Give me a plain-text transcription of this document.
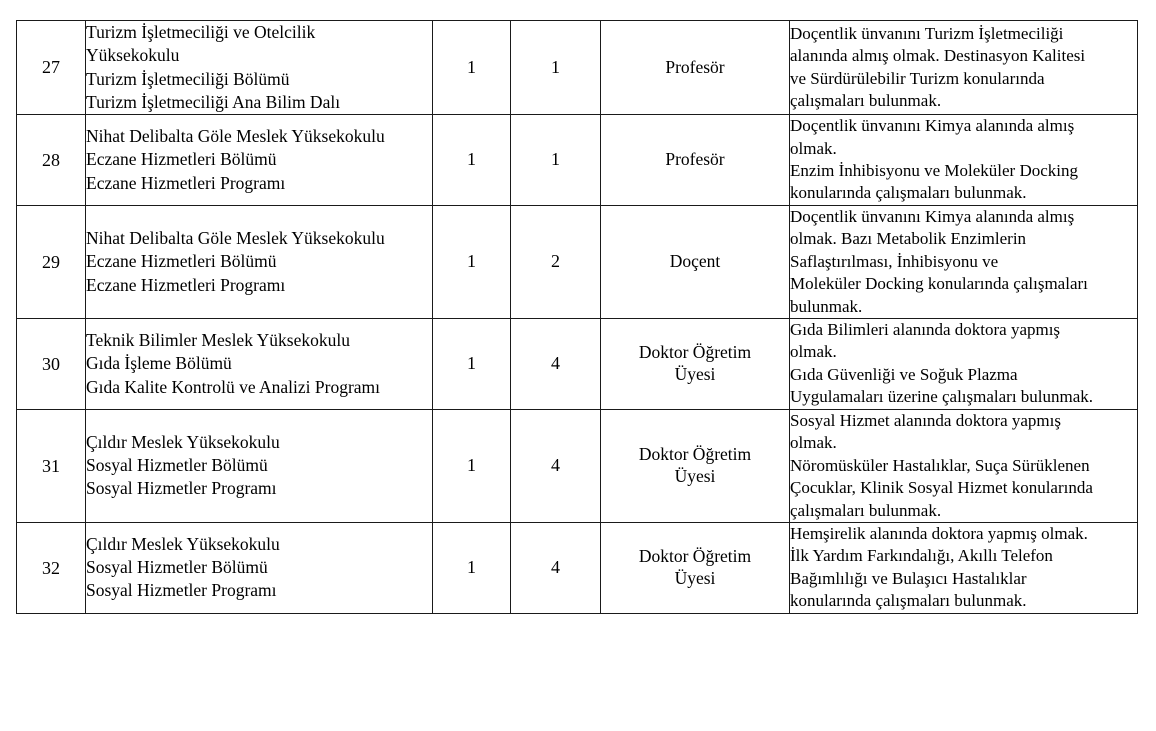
27	Turizm İşletmeciliği ve Otelcilik
Yüksekokulu
Turizm İşletmeciliği Bölümü
Turizm İşletmeciliği Ana Bilim Dalı	1	1	Profesör	Doçentlik ünvanını Turizm İşletmeciliği
alanında almış olmak. Destinasyon Kalitesi
ve Sürdürülebilir Turizm konularında
çalışmaları bulunmak.

28	Nihat Delibalta Göle Meslek Yüksekokulu
Eczane Hizmetleri Bölümü
Eczane Hizmetleri Programı	1	1	Profesör	Doçentlik ünvanını Kimya alanında almış
olmak.
Enzim İnhibisyonu ve Moleküler Docking
konularında çalışmaları bulunmak.

29	Nihat Delibalta Göle Meslek Yüksekokulu
Eczane Hizmetleri Bölümü
Eczane Hizmetleri Programı	1	2	Doçent	Doçentlik ünvanını Kimya alanında almış
olmak. Bazı Metabolik Enzimlerin
Saflaştırılması, İnhibisyonu ve
Moleküler Docking konularında çalışmaları
bulunmak.

30	Teknik Bilimler Meslek Yüksekokulu
Gıda İşleme Bölümü
Gıda Kalite Kontrolü ve Analizi Programı	1	4	Doktor Öğretim
Üyesi	Gıda Bilimleri alanında doktora yapmış
olmak.
Gıda Güvenliği ve Soğuk Plazma
Uygulamaları üzerine çalışmaları bulunmak.

31	Çıldır Meslek Yüksekokulu
Sosyal Hizmetler Bölümü
Sosyal Hizmetler Programı	1	4	Doktor Öğretim
Üyesi	Sosyal Hizmet alanında doktora yapmış
olmak.
Nöromüsküler Hastalıklar, Suça Sürüklenen
Çocuklar, Klinik Sosyal Hizmet konularında
çalışmaları bulunmak.

32	Çıldır Meslek Yüksekokulu
Sosyal Hizmetler Bölümü
Sosyal Hizmetler Programı	1	4	Doktor Öğretim
Üyesi	Hemşirelik alanında doktora yapmış olmak.
İlk Yardım Farkındalığı, Akıllı Telefon
Bağımlılığı ve Bulaşıcı Hastalıklar
konularında çalışmaları bulunmak.
